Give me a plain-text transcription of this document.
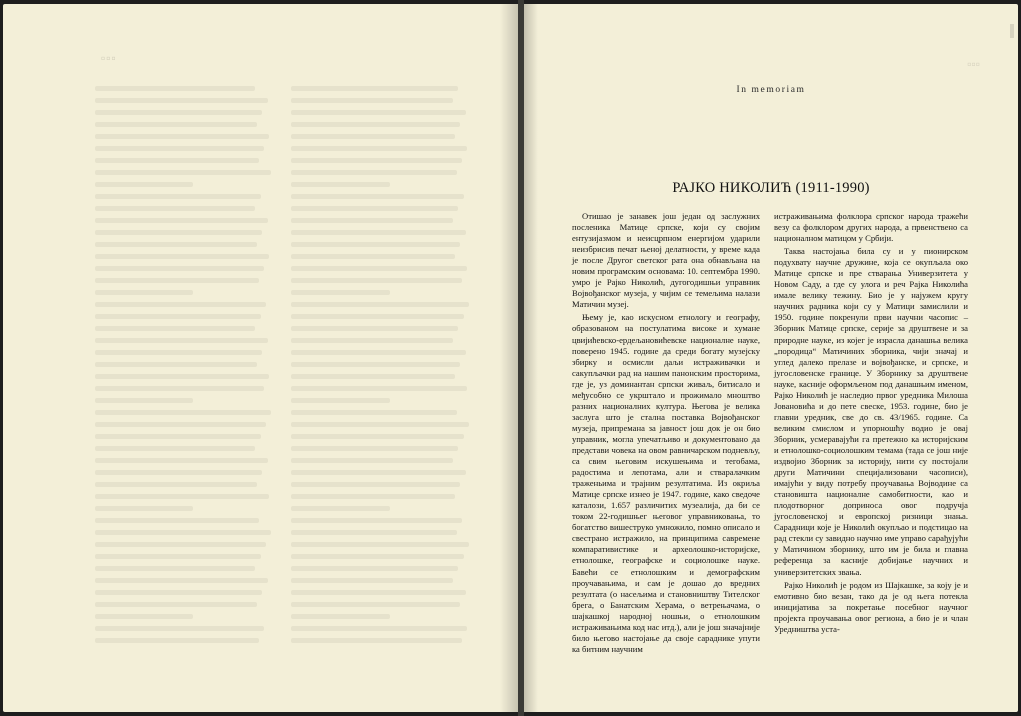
▫▫▫	▫▫▫
In memoriam
РАЈКО НИКОЛИЋ (1911-1990)

Отишао је занавек још један од заслужних посленика Матице српске, који су својим ентузијазмом и неисцрпном енергијом ударили неизбрисив печат њеној делатности, у време када је после Другог светског рата она обнављана на новим програмским основама: 10. септембра 1990. умро је Рајко Николић, дугогодишњи управник Војвођанског музеја, у чијим се темељима налази Матичин музеј.

Њему је, као искусном етнологу и географу, образованом на постулатима високе и хумане цвијићевско-ердељановићевске националне науке, поверено 1945. године да среди богату музејску збирку и осмисли даљи истраживачки и сакупљачки рад на нашим панонским просторима, где је, уз доминантан српски живаљ, битисало и међусобно се укрштало и прожимало мноштво разних националних култура. Његова је велика заслуга што је стална поставка Војвођанског музеја, припремана за јавност још док је он био управник, могла упечатљиво и документовано да представи човека на овом равничарском подневљу, са свим његовим искушењима и тегобама, радостима и лепотама, али и стваралачким траженьима и трајним резултатима. Из окриља Матице српске изнео је 1947. године, како сведоче каталози, 1.657 различитих музеалија, да би се током 22-годишњег његовог управниковања, то богатство вишеструко умножило, помно описало и свестрано истражило, на принципима савремене компаративистике и археолошко-историјске, етнолошке, географске и социолошке науке. Бавећи се етнолошким и демографским проучавањима, и сам је дошао до вредних резултата (о насељима и становништву Тителског брега, о Банатским Херама, о ветрењачама, о шајкашкој народној ношњи, о етнолошким истраживањима код нас итд.), али је још значајније било његово настојање да своје сараднике упути ка битним научним

истраживањима фолклора српског народа тражећи везу са фолклором других народа, а првенствено са националном матицом у Србији.

Таква настојања била су и у пионирском подухвату научне дружине, која се окупљала око Матице српске и пре стварања Универзитета у Новом Саду, а где су улога и реч Рајка Николића имале велику тежину. Био је у најужем кругу научних радника који су у Матици замислили и 1950. године покренули први научни часопис – Зборник Матице српске, серије за друштвене и за природне науке, из којег је израсла данашња велика „породица“ Матичиних зборника, чији значај и углед далеко прелазе и војвођанске, и српске, и југословенске границе. У Зборнику за друштвене науке, касније оформљеном под данашњим именом, Рајко Николић је наследио првог уредника Милоша Јовановића и до пете свеске, 1953. године, био је главни уредник, све до св. 43/1965. године. Са великим смислом и упорношћу водио је овај Зборник, усмеравајући га претежно ка историјским и етнолошко-социолошким темама (тада се још није издвојио Зборник за историју, нити су постојали други Матичини специјализовани часописи), имајући у виду потребу проучавања Војводине са становишта националне самобитности, као и плодотворног доприноса овог подручја југословенској и европској ризници знања. Сарадници које је Николић окупљао и подстицао на рад стекли су завидно научно име управо сарађујући у Матичином зборнику, што им је била и главна референца за касније добијање научних и универзитетских звања.

Рајко Николић је родом из Шајкашке, за коју је и емотивно био везан, тако да је од њега потекла иницијатива за покретање посебног научног пројекта проучавања овог региона, а био је и члан Уредништва уста-
